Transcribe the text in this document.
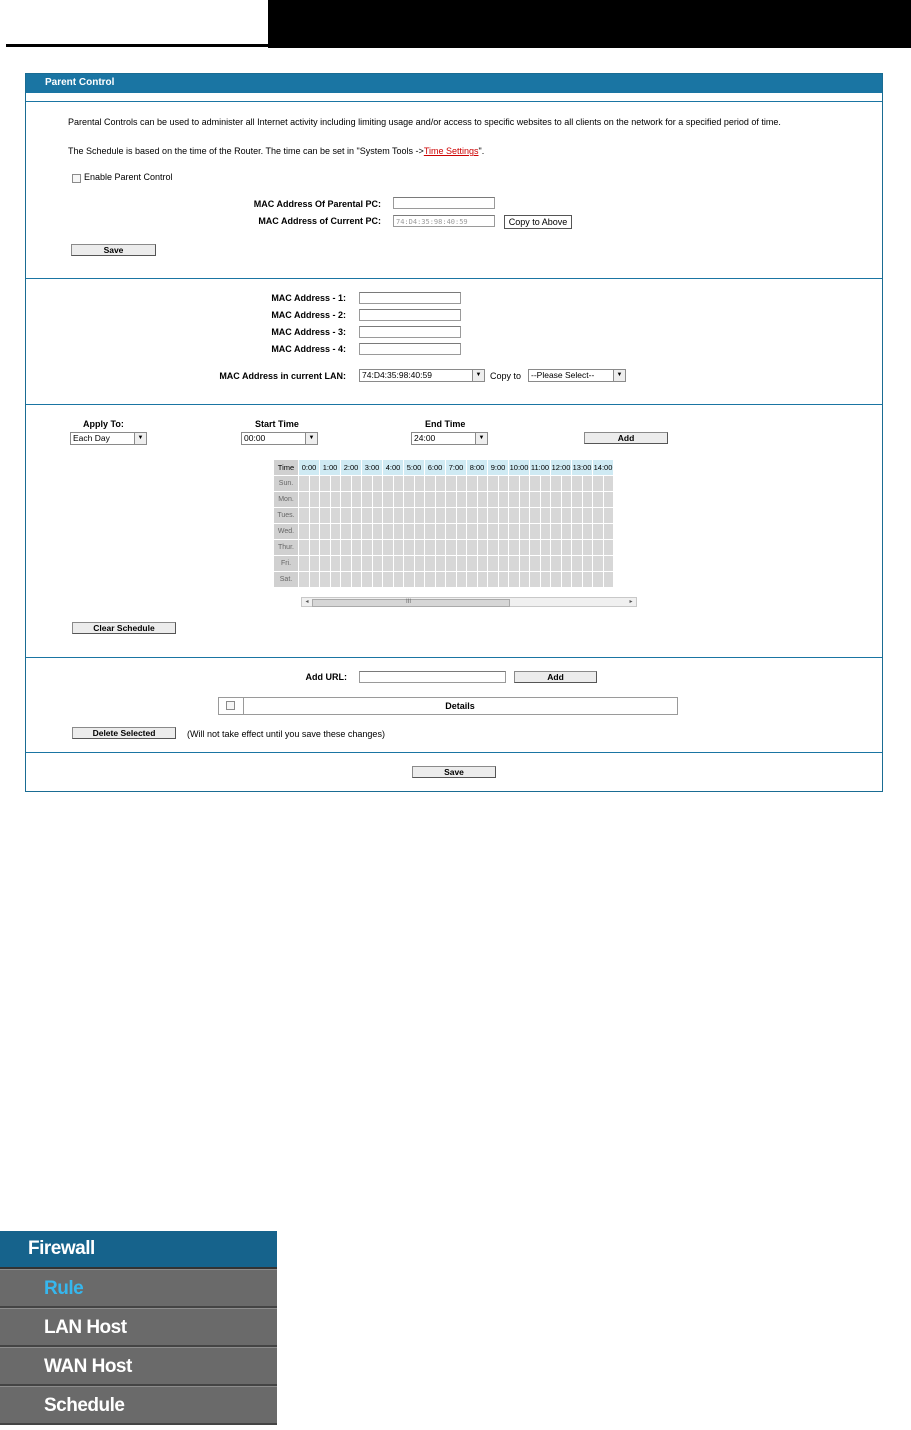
Parent Control
Parental Controls can be used to administer all Internet activity including limiting usage and/or access to specific websites to all clients on the network for a specified period of time.
The Schedule is based on the time of the Router. The time can be set in "System Tools ->Time Settings".
Enable Parent Control
MAC Address Of Parental PC:
MAC Address of Current PC:	74:D4:35:98:40:59	Copy to Above
Save
MAC Address - 1:
MAC Address - 2:
MAC Address - 3:
MAC Address - 4:
MAC Address in current LAN:	74:D4:35:98:40:59	▼ Copy to	--Please Select--	▼
Apply To:
Each Day	▼
Start Time
00:00	▼
End Time
24:00	▼	Add
Time	0:00		1:00		2:00		3:00		4:00		5:00		6:00		7:00		8:00		9:00		10:00		11:00		12:00		13:00		14:00	
Sun.																														
Mon.																														
Tues.																														
Wed.																														
Thur.																														
Fri.																														
Sat.																														
◂	III	▸
Clear Schedule
Add URL:	Add
Details
Delete Selected	(Will not take effect until you save these changes)
Save
Firewall
Rule
LAN Host
WAN Host
Schedule
